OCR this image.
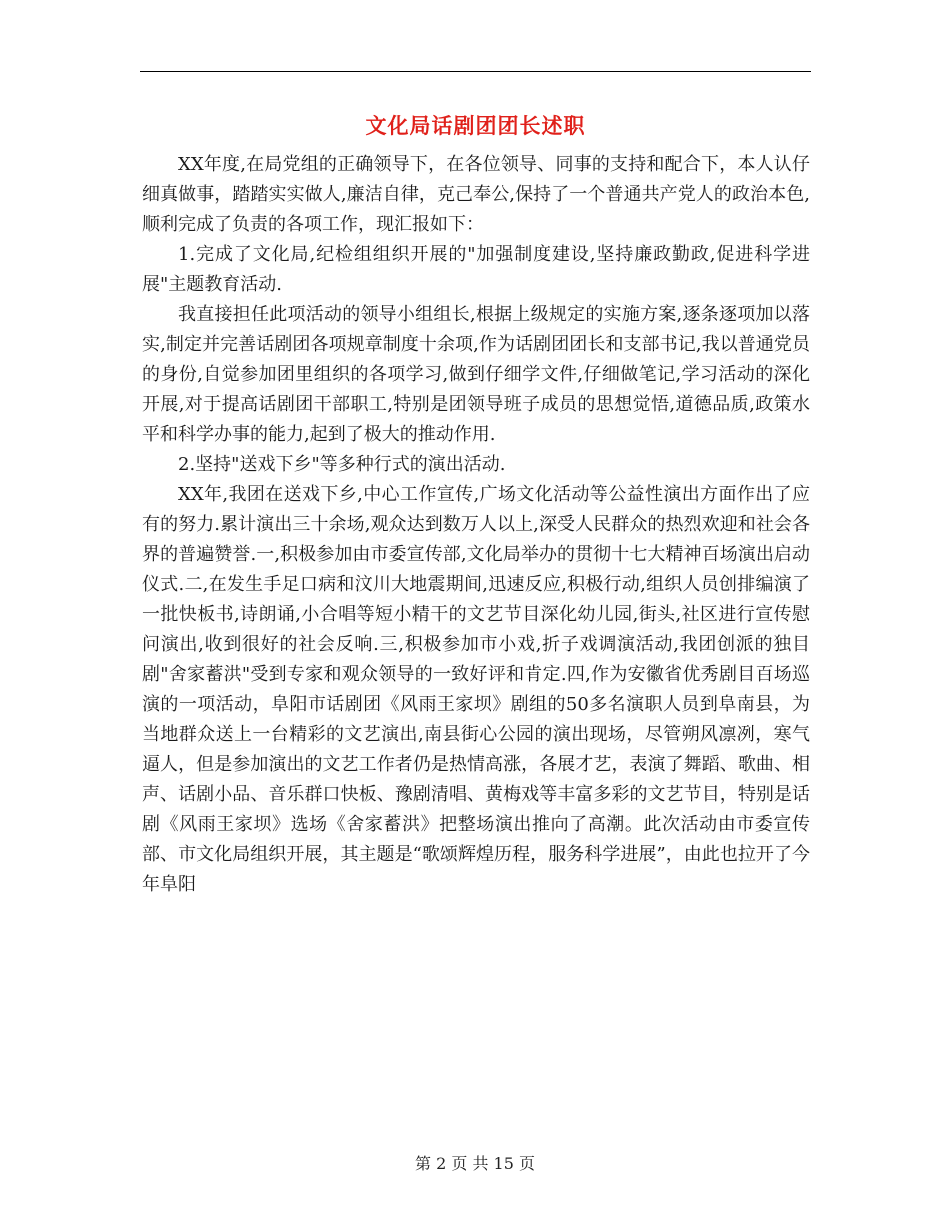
文化局话剧团团长述职

XX年度,在局党组的正确领导下，在各位领导、同事的支持和配合下，本人认仔细真做事，踏踏实实做人,廉洁自律，克己奉公,保持了一个普通共产党人的政治本色,顺利完成了负责的各项工作，现汇报如下：

1.完成了文化局,纪检组组织开展的"加强制度建设,坚持廉政勤政,促进科学进展"主题教育活动.

我直接担任此项活动的领导小组组长,根据上级规定的实施方案,逐条逐项加以落实,制定并完善话剧团各项规章制度十余项,作为话剧团团长和支部书记,我以普通党员的身份,自觉参加团里组织的各项学习,做到仔细学文件,仔细做笔记,学习活动的深化开展,对于提高话剧团干部职工,特别是团领导班子成员的思想觉悟,道德品质,政策水平和科学办事的能力,起到了极大的推动作用.

2.坚持"送戏下乡"等多种行式的演出活动.

XX年,我团在送戏下乡,中心工作宣传,广场文化活动等公益性演出方面作出了应有的努力.累计演出三十余场,观众达到数万人以上,深受人民群众的热烈欢迎和社会各界的普遍赞誉.一,积极参加由市委宣传部,文化局举办的贯彻十七大精神百场演出启动仪式.二,在发生手足口病和汶川大地震期间,迅速反应,积极行动,组织人员创排编演了一批快板书,诗朗诵,小合唱等短小精干的文艺节目深化幼儿园,街头,社区进行宣传慰问演出,收到很好的社会反响.三,积极参加市小戏,折子戏调演活动,我团创派的独目剧"舍家蓄洪"受到专家和观众领导的一致好评和肯定.四,作为安徽省优秀剧目百场巡演的一项活动，阜阳市话剧团《风雨王家坝》剧组的50多名演职人员到阜南县，为当地群众送上一台精彩的文艺演出,南县街心公园的演出现场，尽管朔风凛冽，寒气逼人，但是参加演出的文艺工作者仍是热情高涨，各展才艺，表演了舞蹈、歌曲、相声、话剧小品、音乐群口快板、豫剧清唱、黄梅戏等丰富多彩的文艺节目，特别是话剧《风雨王家坝》选场《舍家蓄洪》把整场演出推向了高潮。此次活动由市委宣传部、市文化局组织开展，其主题是“歌颂辉煌历程，服务科学进展”，由此也拉开了今年阜阳

第 2 页 共 15 页
